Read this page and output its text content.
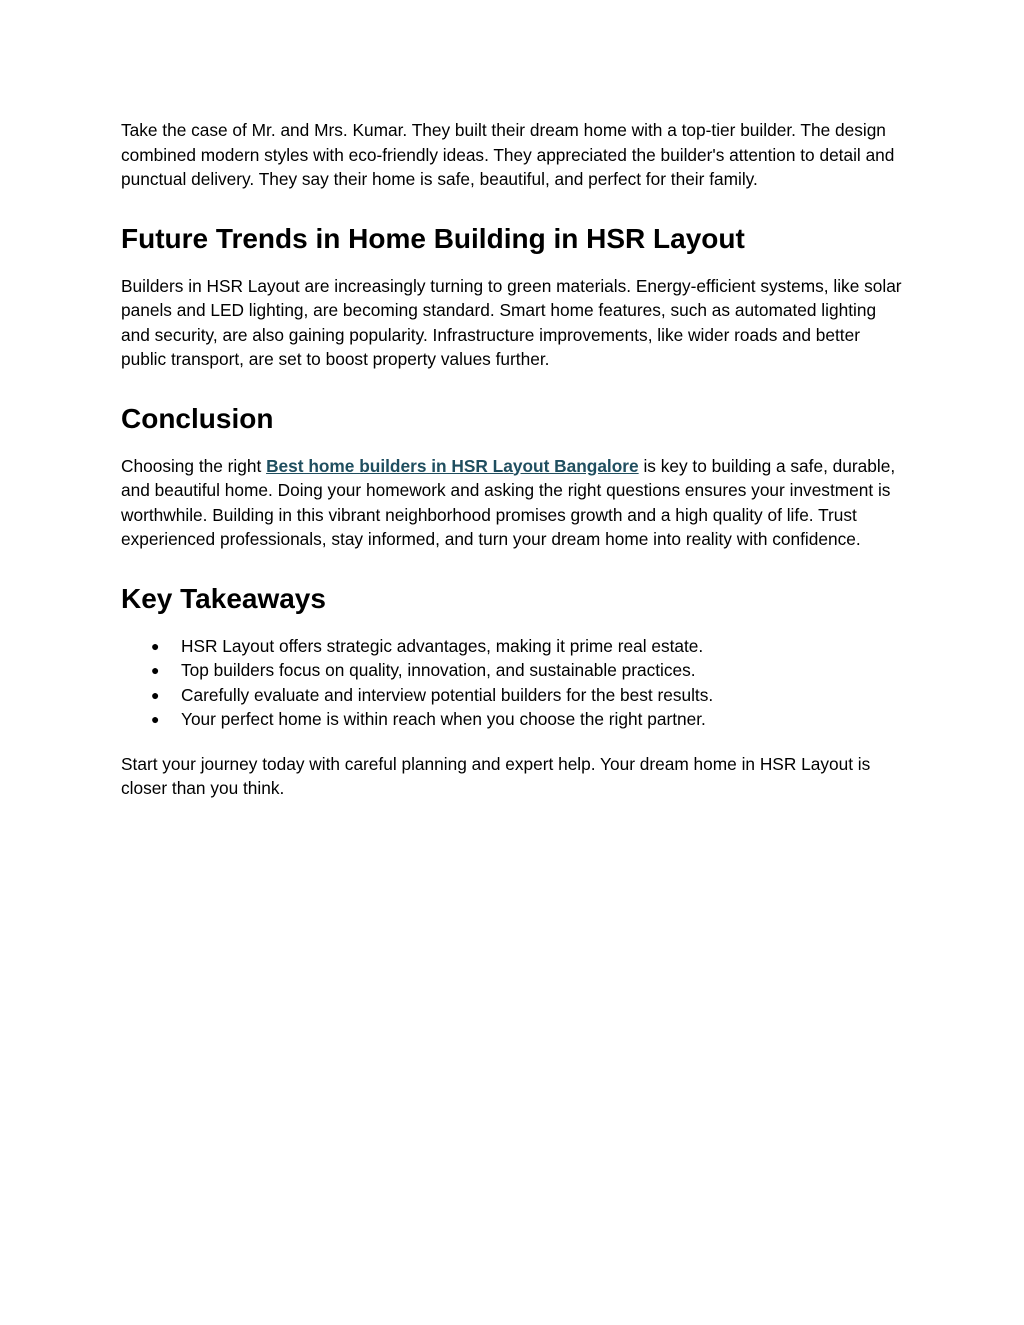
Take the case of Mr. and Mrs. Kumar. They built their dream home with a top-tier builder. The design combined modern styles with eco-friendly ideas. They appreciated the builder's attention to detail and punctual delivery. They say their home is safe, beautiful, and perfect for their family.

Future Trends in Home Building in HSR Layout

Builders in HSR Layout are increasingly turning to green materials. Energy-efficient systems, like solar panels and LED lighting, are becoming standard. Smart home features, such as automated lighting and security, are also gaining popularity. Infrastructure improvements, like wider roads and better public transport, are set to boost property values further.

Conclusion

Choosing the right Best home builders in HSR Layout Bangalore is key to building a safe, durable, and beautiful home. Doing your homework and asking the right questions ensures your investment is worthwhile. Building in this vibrant neighborhood promises growth and a high quality of life. Trust experienced professionals, stay informed, and turn your dream home into reality with confidence.

Key Takeaways
● HSR Layout offers strategic advantages, making it prime real estate.
● Top builders focus on quality, innovation, and sustainable practices.
● Carefully evaluate and interview potential builders for the best results.
● Your perfect home is within reach when you choose the right partner.

Start your journey today with careful planning and expert help. Your dream home in HSR Layout is closer than you think.
